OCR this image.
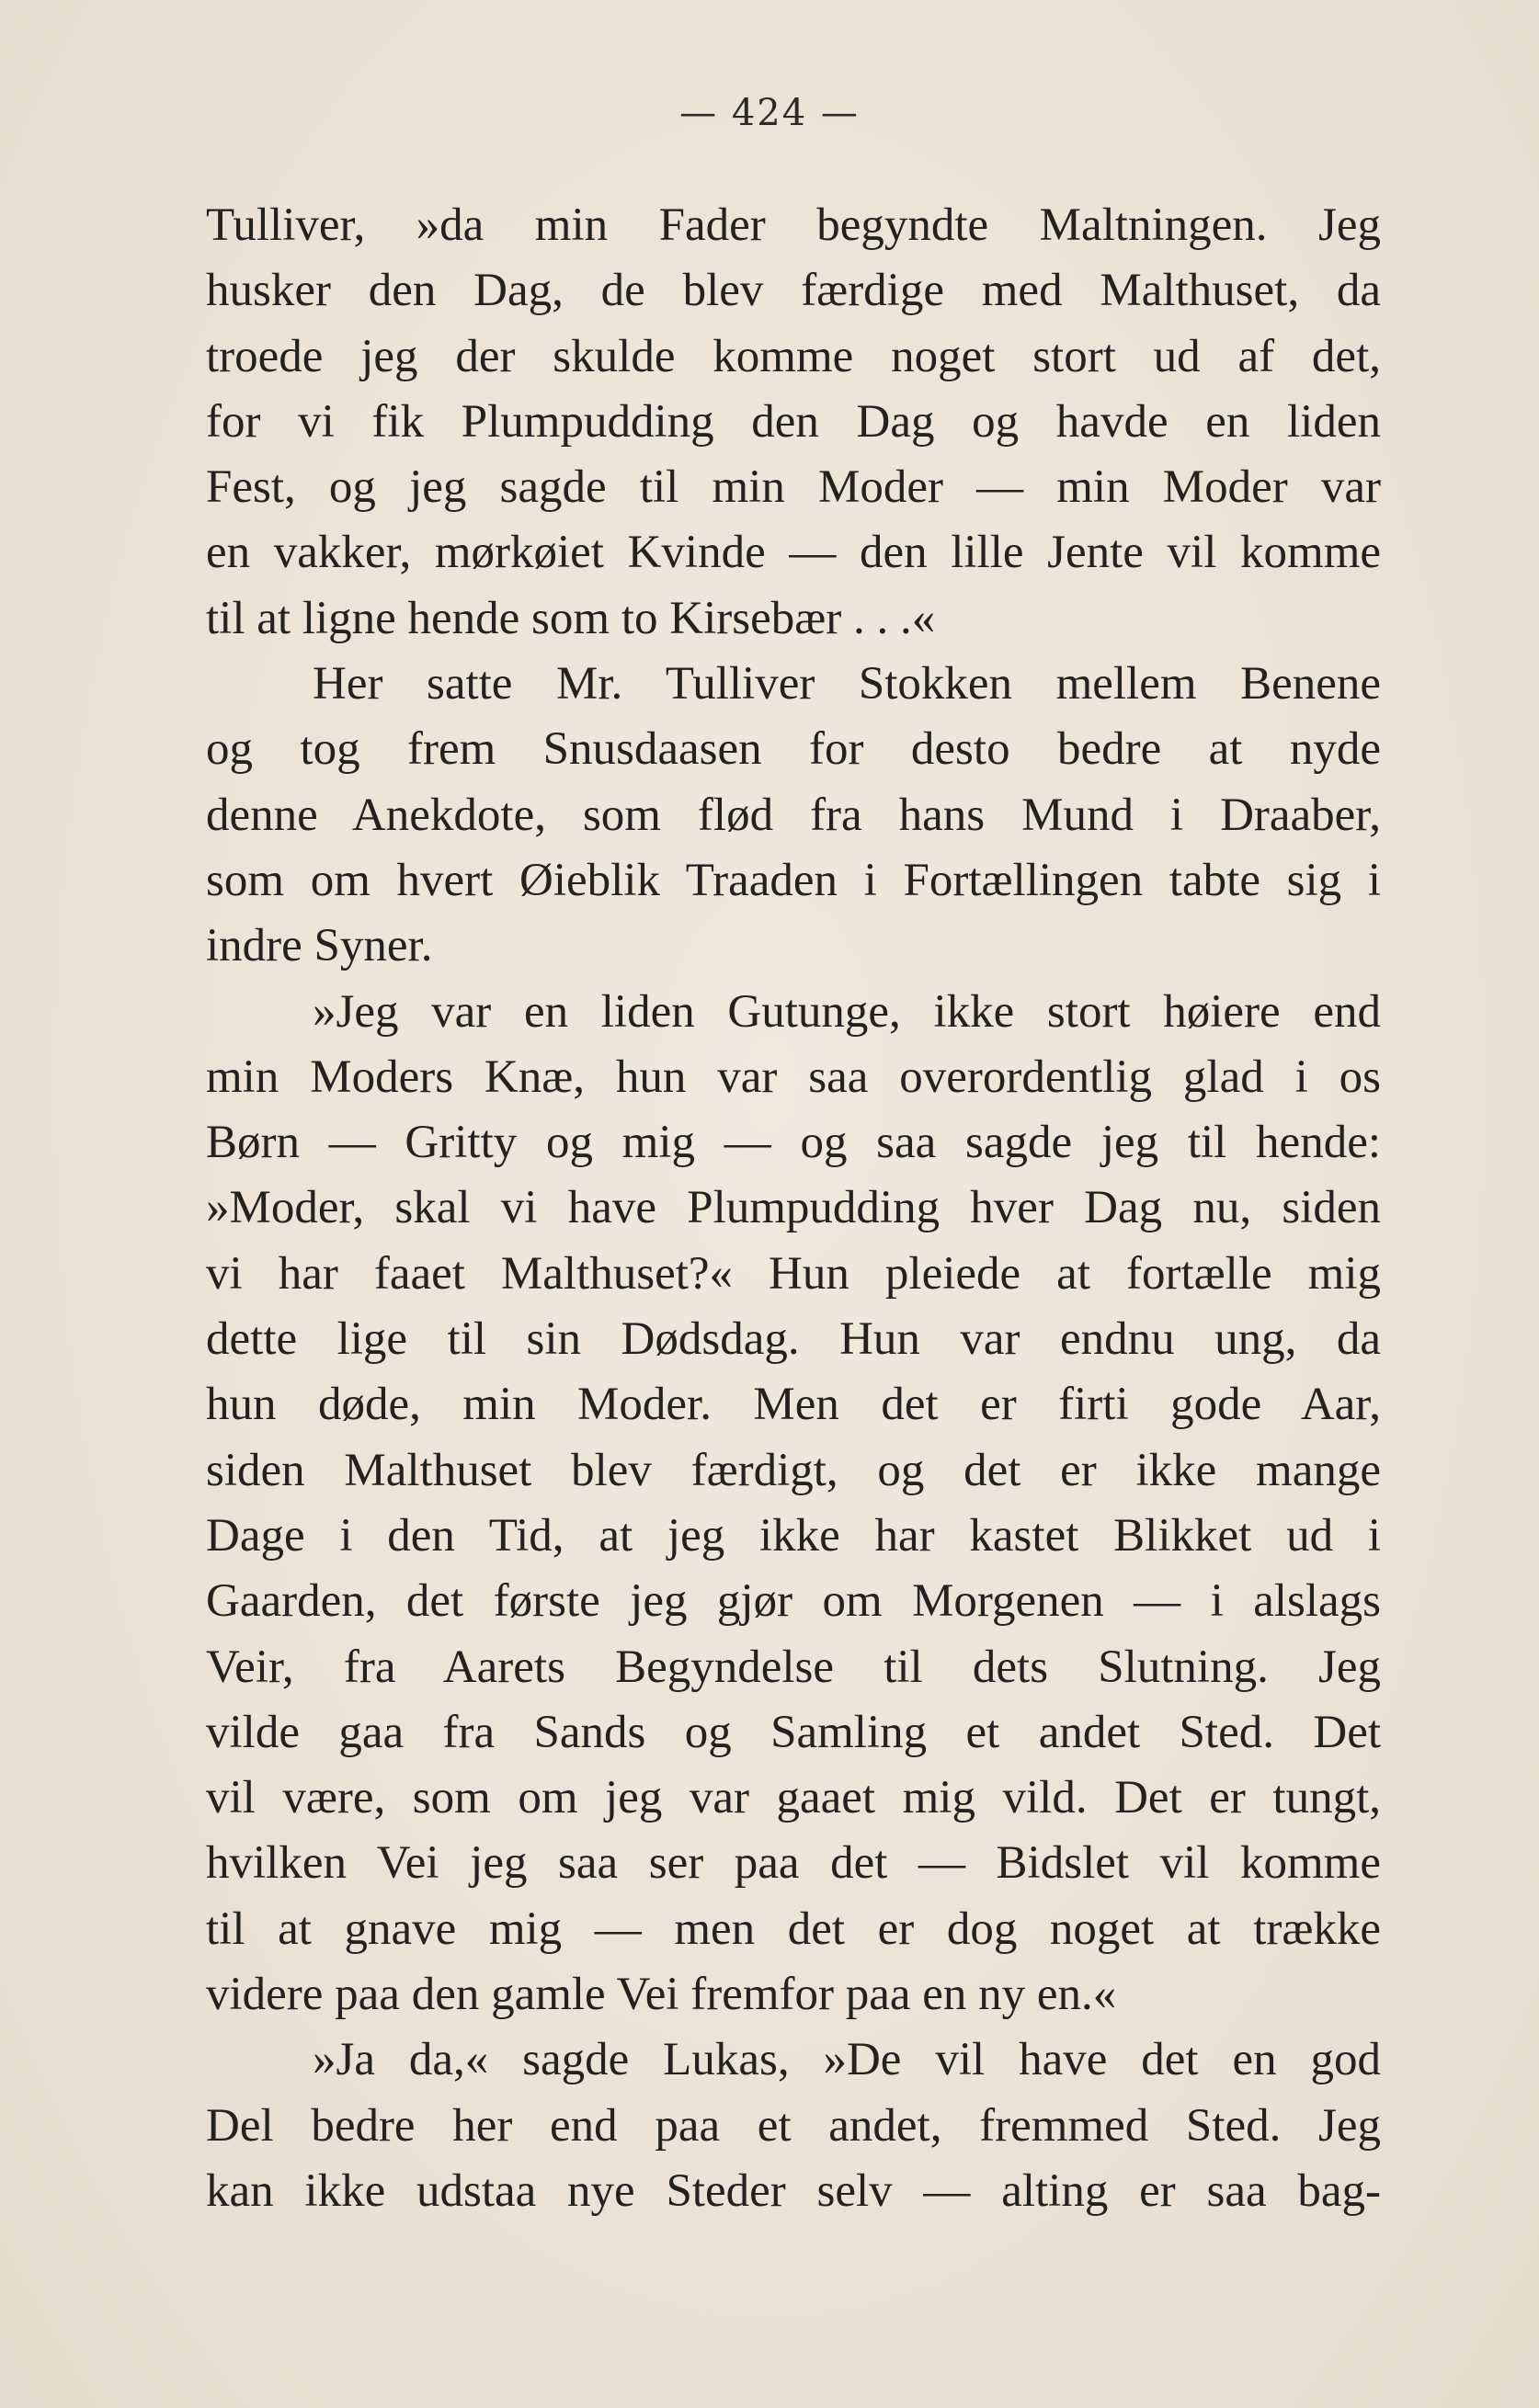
— 424 —
Tulliver, »da min Fader begyndte Maltningen. Jeg
husker den Dag, de blev færdige med Malthuset, da
troede jeg der skulde komme noget stort ud af det,
for vi fik Plumpudding den Dag og havde en liden
Fest, og jeg sagde til min Moder — min Moder var
en vakker, mørkøiet Kvinde — den lille Jente vil komme
til at ligne hende som to Kirsebær . . .«
Her satte Mr. Tulliver Stokken mellem Benene
og tog frem Snusdaasen for desto bedre at nyde
denne Anekdote, som flød fra hans Mund i Draaber,
som om hvert Øieblik Traaden i Fortællingen tabte sig i
indre Syner.
»Jeg var en liden Gutunge, ikke stort høiere end
min Moders Knæ, hun var saa overordentlig glad i os
Børn — Gritty og mig — og saa sagde jeg til hende:
»Moder, skal vi have Plumpudding hver Dag nu, siden
vi har faaet Malthuset?« Hun pleiede at fortælle mig
dette lige til sin Dødsdag. Hun var endnu ung, da
hun døde, min Moder. Men det er firti gode Aar,
siden Malthuset blev færdigt, og det er ikke mange
Dage i den Tid, at jeg ikke har kastet Blikket ud i
Gaarden, det første jeg gjør om Morgenen — i alslags
Veir, fra Aarets Begyndelse til dets Slutning. Jeg
vilde gaa fra Sands og Samling et andet Sted. Det
vil være, som om jeg var gaaet mig vild. Det er tungt,
hvilken Vei jeg saa ser paa det — Bidslet vil komme
til at gnave mig — men det er dog noget at trække
videre paa den gamle Vei fremfor paa en ny en.«
»Ja da,« sagde Lukas, »De vil have det en god
Del bedre her end paa et andet, fremmed Sted. Jeg
kan ikke udstaa nye Steder selv — alting er saa bag-
